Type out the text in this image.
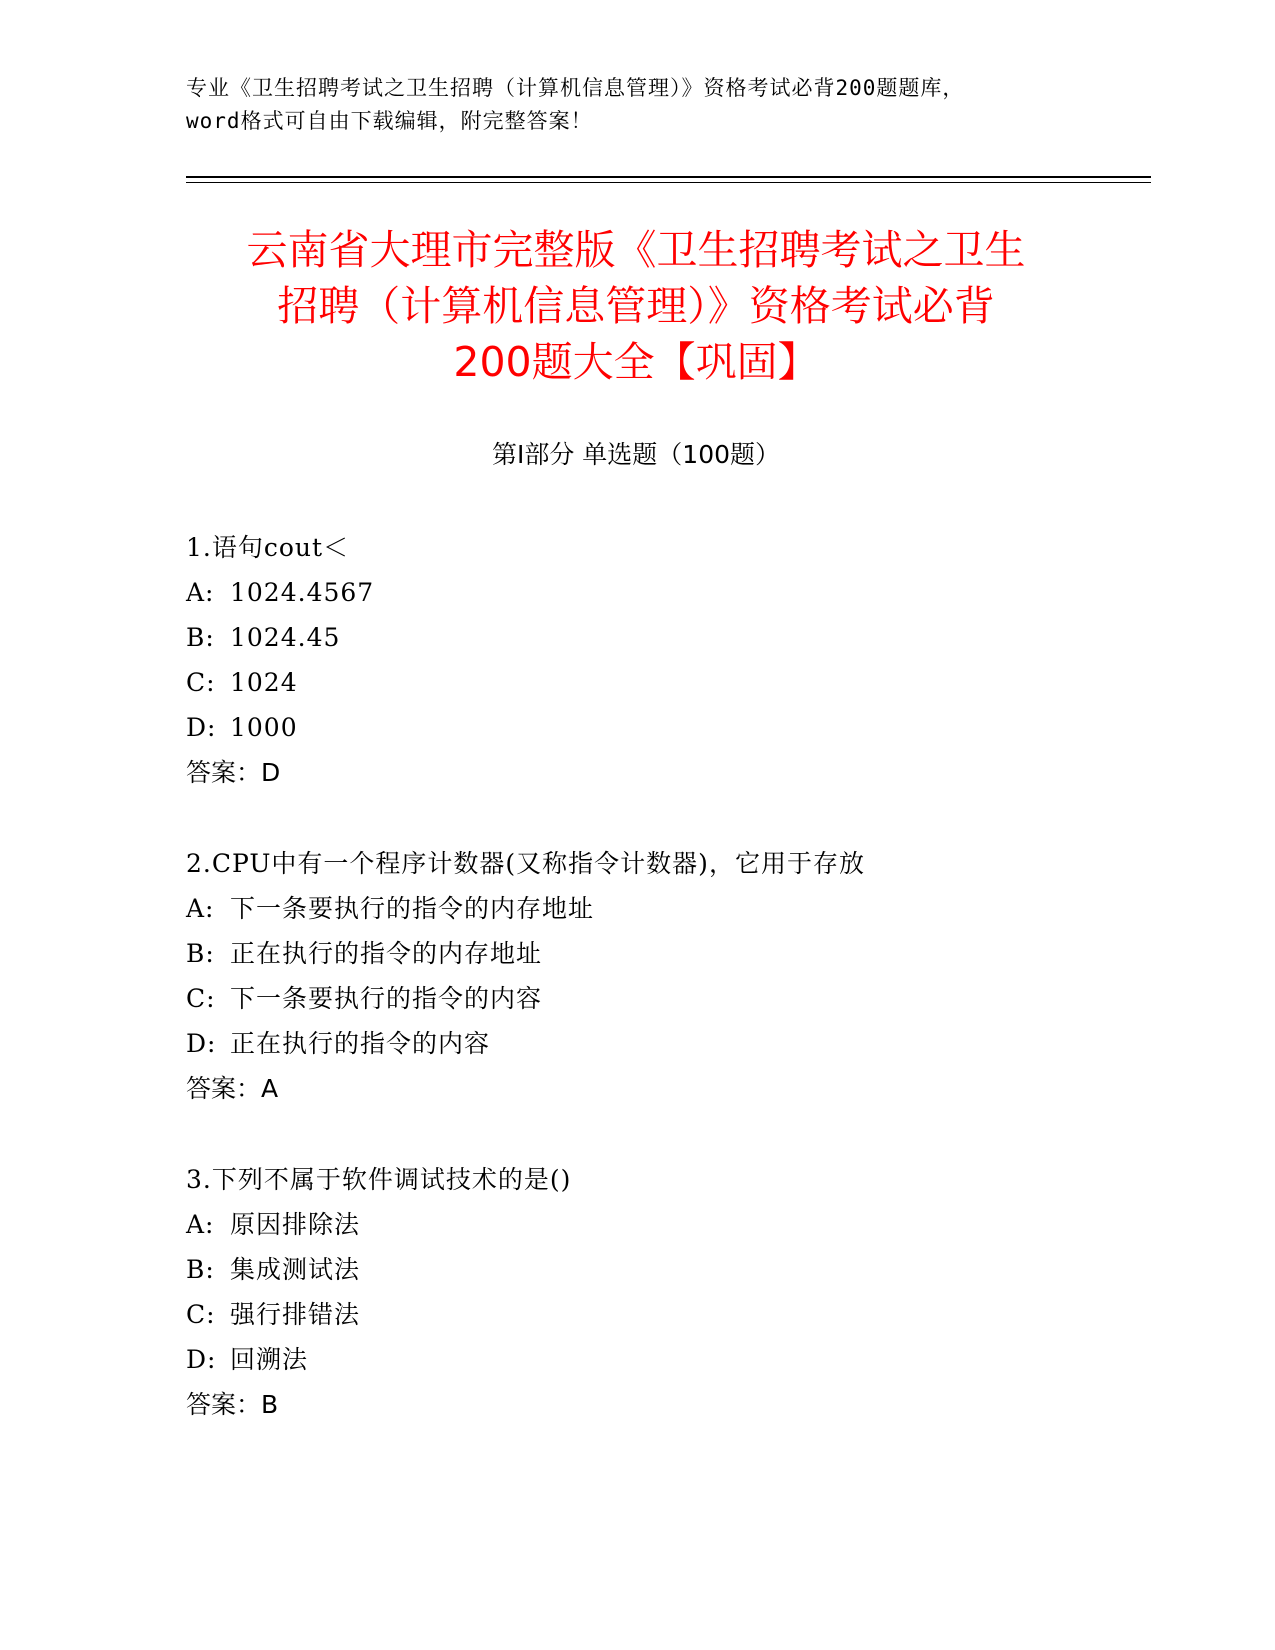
专业《卫生招聘考试之卫生招聘（计算机信息管理）》资格考试必背200题题库，
word格式可自由下载编辑，附完整答案！
云南省大理市完整版《卫生招聘考试之卫生
招聘（计算机信息管理）》资格考试必背
200题大全【巩固】
第Ⅰ部分 单选题（100题）
1.语句cout＜
A: 1024.4567
B: 1024.45
C: 1024
D: 1000
答案：D
2.CPU中有一个程序计数器(又称指令计数器)，它用于存放
A: 下一条要执行的指令的内存地址
B: 正在执行的指令的内存地址
C: 下一条要执行的指令的内容
D: 正在执行的指令的内容
答案：A
3.下列不属于软件调试技术的是()
A: 原因排除法
B: 集成测试法
C: 强行排错法
D: 回溯法
答案：B
